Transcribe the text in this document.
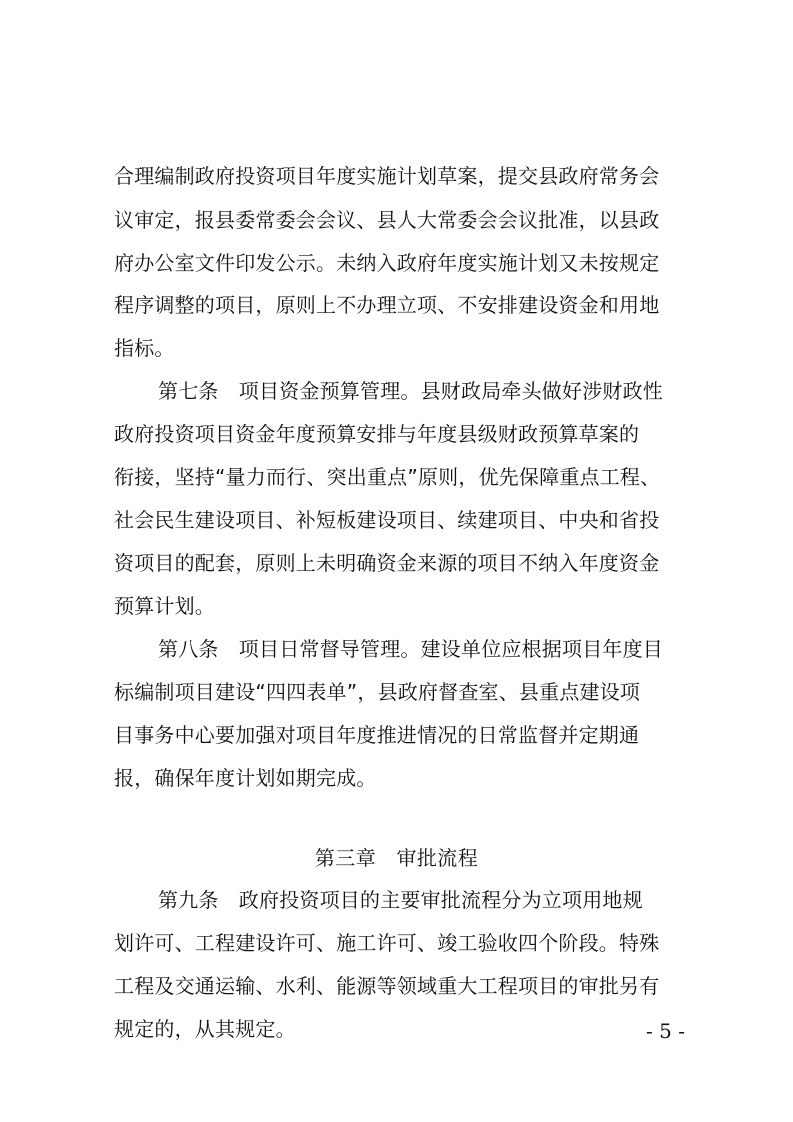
合理编制政府投资项目年度实施计划草案，提交县政府常务会
议审定，报县委常委会会议、县人大常委会会议批准，以县政
府办公室文件印发公示。未纳入政府年度实施计划又未按规定
程序调整的项目，原则上不办理立项、不安排建设资金和用地
指标。
第七条　项目资金预算管理。县财政局牵头做好涉财政性
政府投资项目资金年度预算安排与年度县级财政预算草案的
衔接，坚持“量力而行、突出重点”原则，优先保障重点工程、
社会民生建设项目、补短板建设项目、续建项目、中央和省投
资项目的配套，原则上未明确资金来源的项目不纳入年度资金
预算计划。
第八条　项目日常督导管理。建设单位应根据项目年度目
标编制项目建设“四四表单”，县政府督查室、县重点建设项
目事务中心要加强对项目年度推进情况的日常监督并定期通
报，确保年度计划如期完成。
第三章　审批流程
第九条　政府投资项目的主要审批流程分为立项用地规
划许可、工程建设许可、施工许可、竣工验收四个阶段。特殊
工程及交通运输、水利、能源等领域重大工程项目的审批另有
规定的，从其规定。	- 5 -
